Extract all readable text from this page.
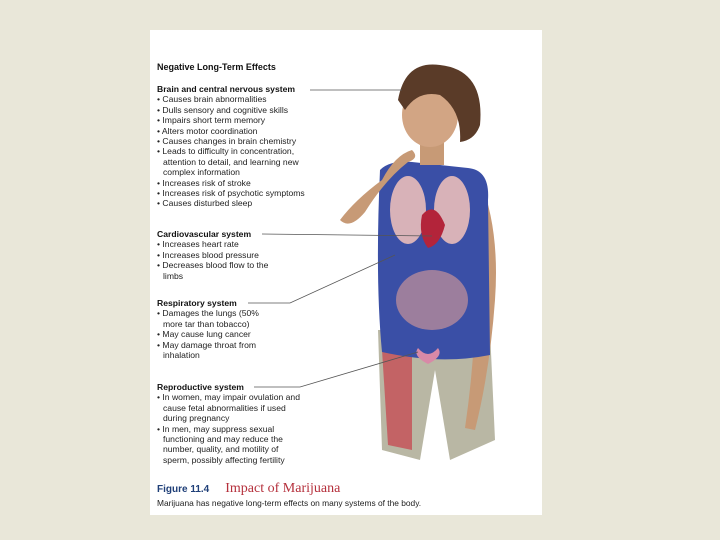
Negative Long-Term Effects
Brain and central nervous system
• Causes brain abnormalities
• Dulls sensory and cognitive skills
• Impairs short term memory
• Alters motor coordination
• Causes changes in brain chemistry
• Leads to difficulty in concentration, attention to detail, and learning new complex information
• Increases risk of stroke
• Increases risk of psychotic symptoms
• Causes disturbed sleep
Cardiovascular system
• Increases heart rate
• Increases blood pressure
• Decreases blood flow to the limbs
Respiratory system
• Damages the lungs (50% more tar than tobacco)
• May cause lung cancer
• May damage throat from inhalation
Reproductive system
• In women, may impair ovulation and cause fetal abnormalities if used during pregnancy
• In men, may suppress sexual functioning and may reduce the number, quality, and motility of sperm, possibly affecting fertility
Figure 11.4 Impact of Marijuana
Marijuana has negative long-term effects on many systems of the body.
